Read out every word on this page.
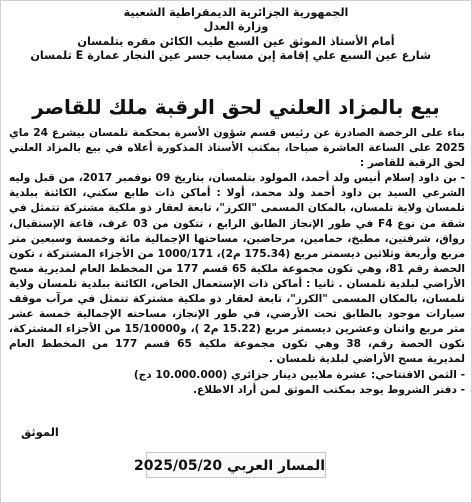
الجمهورية الجزائرية الديمقراطية الشعبية
وزارة العدل
أمام الأستاذ الموثق عين السبع طيب الكائن مقره بتلمسان
شارع عين السبع علي إقامة إبن مسايب جسر عين النجار عمارة E تلمسان
بيع بالمزاد العلني لحق الرقبة ملك للقاصر

بناء على الرخصة الصادرة عن رئيس قسم شؤون الأسرة بمحكمة تلمسان بيشرع 24 ماي 2025 على الساعة العاشرة صباحا، بمكتب الأستاذ المذكورة أعلاه في بيع بالمزاد العلني لحق الرقبة للقاصر :

- بن داود إسلام أنيس ولد أحمد، المولود بتلمسان، بتاريخ 09 نوفمبر 2017، من قبل وليه الشرعي السيد بن داود أحمد ولد محمد، أولا : أماكن ذات طابع سكني، الكائنة ببلدية تلمسان ولاية تلمسان، بالمكان المسمى "الكرز"، تابعة لعقار ذو ملكية مشتركة تتمثل في شقة من نوع F4 في طور الإنجاز الطابق الرابع ، تتكون من 03 غرف، قاعة الإستقبال، رواق، شرفتين، مطبخ، حمامين، مرحاضين، مساحتها الإجمالية مائة وخمسة وسبعين متر مربع وأربعة وثلاثين ديسمتر مربع (175.34 م2)، 1000/171 من الأجزاء المشتركة ، تكون الحصة رقم 81، وهي تكون مجموعة ملكية 65 قسم 177 من المخطط العام لمديرية مسح الأراضي لبلدية تلمسان . ثانيا : أماكن ذات الإستعمال الخاص، الكائنة ببلدية تلمسان ولاية تلمسان، بالمكان المسمى "الكرز"، تابعة لعقار ذو ملكية مشتركة تتمثل في مرآب موقف سيارات موجود بالطابق تحت الأرضي، في طور الإنجاز، مساحته الإجمالية خمسة عشر متر مربع واثنان وعشرين ديسمتر مربع (15.22 م2 )، و15/10000 من الأجزاء المشتركة، تكون الحصة رقم، 38 وهي تكون مجموعة ملكية 65 قسم 177 من المخطط العام لمديرية مسح الأراضي لبلدية تلمسان .

- الثمن الافتتاحي: عشرة ملايين دينار جزائري (10.000.000 دج)

- دفتر الشروط يوجد بمكتب الموثق لمن أراد الاطلاع.

الموثق
المسار العربي 2025/05/20
